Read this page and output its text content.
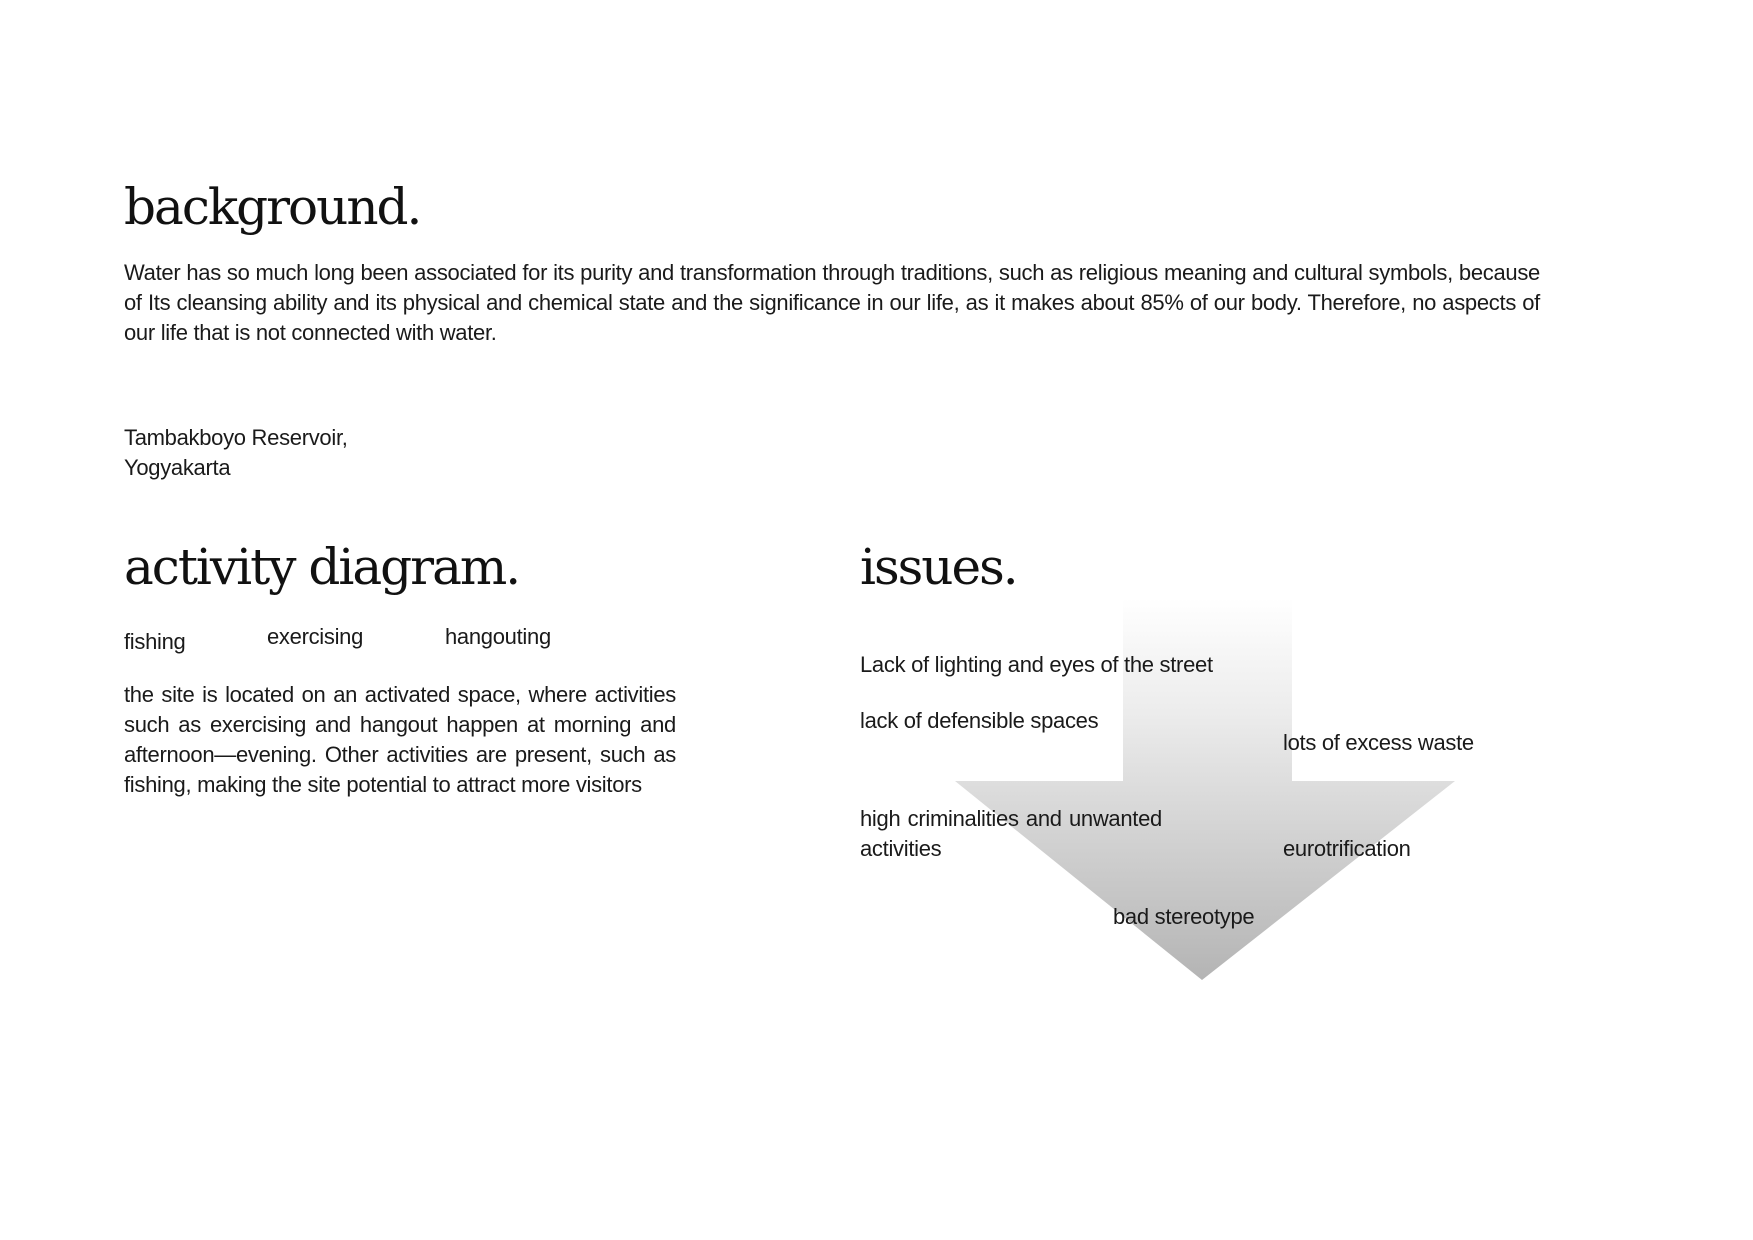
background.

Water has so much long been associated for its purity and transformation through traditions, such as religious meaning and cultural symbols, because of Its cleansing ability and its physical and chemical state and the significance in our life, as it makes about 85% of our body. Therefore, no aspects of our life that is not connected with water.

Tambakboyo Reservoir,
Yogyakarta
activity diagram.
fishing	exercising	hangouting

the site is located on an activated space, where activities such as exercising and hangout happen at morning and afternoon—evening. Other activities are present, such as fishing, making the site potential to attract more visitors

issues.
Lack of lighting and eyes of the street
lack of defensible spaces
lots of excess waste
high criminalities and unwanted activities	eurotrification
bad stereotype
